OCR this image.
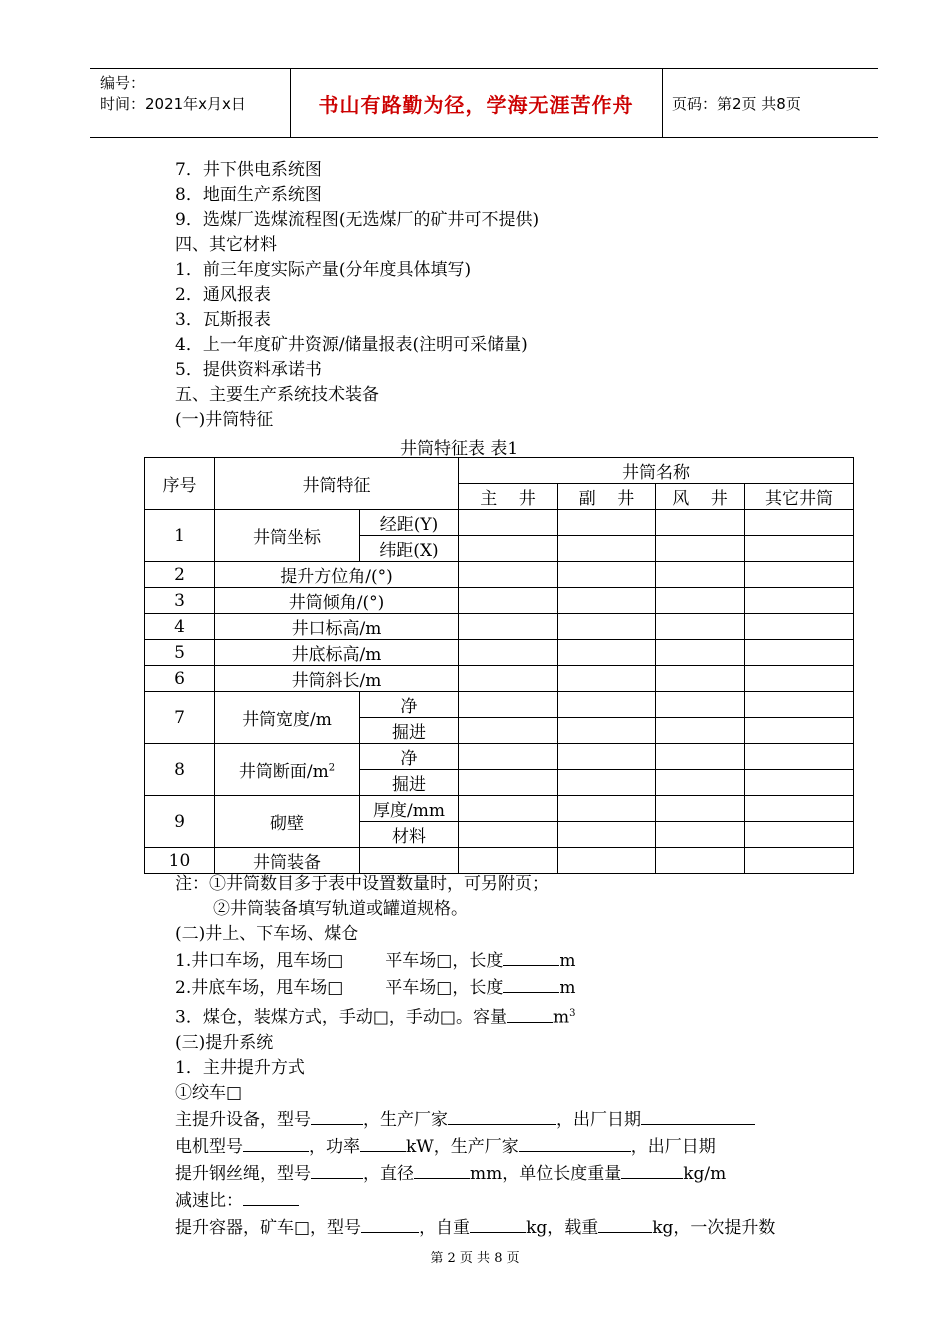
编号：
时间：2021年x月x日	书山有路勤为径，学海无涯苦作舟	页码：第2页 共8页
7．井下供电系统图
8．地面生产系统图
9．选煤厂选煤流程图(无选煤厂的矿井可不提供)
四、其它材料
1．前三年度实际产量(分年度具体填写)
2．通风报表
3．瓦斯报表
4．上一年度矿井资源/储量报表(注明可采储量)
5．提供资料承诺书
五、主要生产系统技术装备
(一)井筒特征
井筒特征表 表1
序号	井筒特征		井筒名称			
			主    井	副    井	风    井	其它井筒
1	井筒坐标	经距(Y)				
		纬距(X)				
2	提升方位角/(°)					
3	井筒倾角/(°)					
4	井口标高/m					
5	井底标高/m					
6	井筒斜长/m					
7	井筒宽度/m	净				
		掘进				
8	井筒断面$/m^2$	净				
		掘进				
9	砌壁	厚度/mm				
		材料				
10	井筒装备					
注：①井筒数目多于表中设置数量时，可另附页；
②井筒装备填写轨道或罐道规格。
(二)井上、下车场、煤仓
1.井口车场，甩车场□ 平车场□，长度	m
2.井底车场，甩车场□ 平车场□，长度	m
3．煤仓，装煤方式，手动□，手动□。容量	$m^3$
(三)提升系统
1．主井提升方式
①绞车□
主提升设备，型号	，生产厂家	，出厂日期
电机型号	，功率	kW，生产厂家	，出厂日期
提升钢丝绳，型号	，直径	mm，单位长度重量	kg/m
减速比：
提升容器，矿车□，型号	，自重	kg，载重	kg，一次提升数
第 2 页 共 8 页
